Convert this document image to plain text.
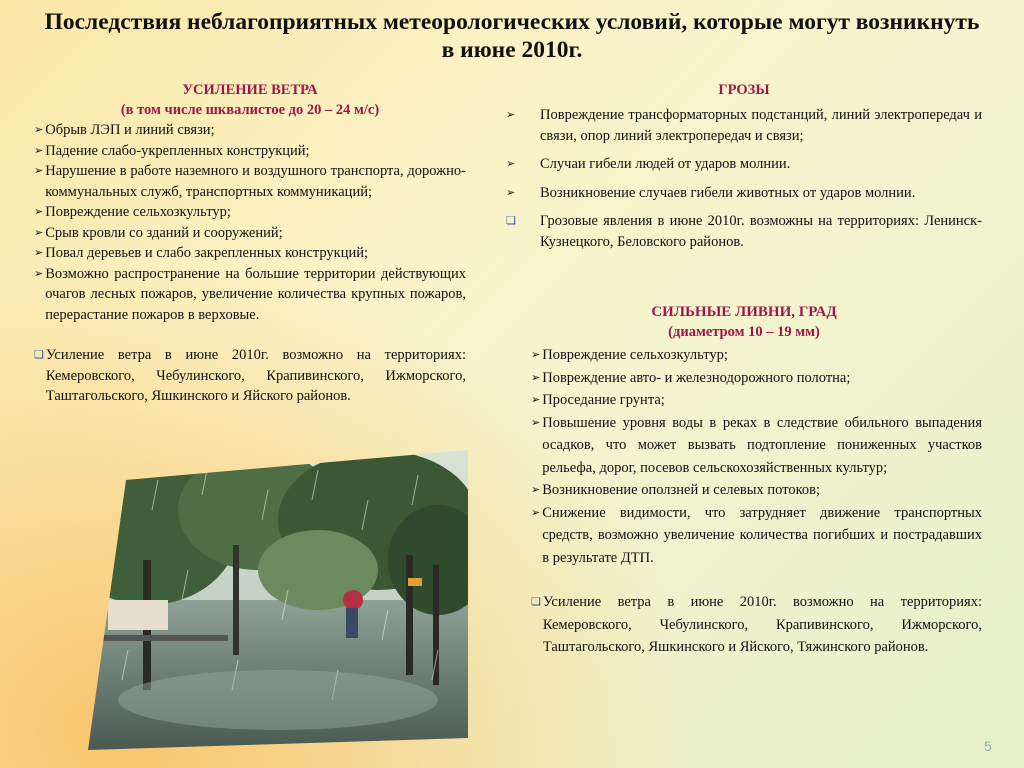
Последствия неблагоприятных метеорологических условий, которые могут возникнуть в июне 2010г.
УСИЛЕНИЕ ВЕТРА
(в том числе шквалистое до 20 – 24 м/с)
➢ Обрыв ЛЭП и линий связи;
➢ Падение слабо-укрепленных конструкций;
➢ Нарушение в работе наземного и воздушного транспорта, дорожно-коммунальных служб, транспортных коммуникаций;
➢ Повреждение сельхозкультур;
➢ Срыв кровли со зданий и сооружений;
➢ Повал деревьев и слабо закрепленных конструкций;
➢ Возможно распространение на большие территории действующих очагов лесных пожаров, увеличение количества крупных пожаров, перерастание пожаров в верховые.
❏ Усиление ветра в июне 2010г. возможно на территориях: Кемеровского, Чебулинского, Крапивинского, Ижморского, Таштагольского, Яшкинского и Яйского районов.
ГРОЗЫ
➢	Повреждение трансформаторных подстанций, линий электропередач и связи, опор линий электропередач и связи;
➢	Случаи гибели людей от ударов молнии.
➢	Возникновение случаев гибели животных от ударов молнии.
❏	Грозовые явления в июне 2010г. возможны на территориях: Ленинск-Кузнецкого, Беловского районов.
СИЛЬНЫЕ ЛИВНИ, ГРАД
(диаметром 10 – 19 мм)
➢ Повреждение сельхозкультур;
➢ Повреждение авто- и железнодорожного полотна;
➢ Проседание грунта;
➢ Повышение уровня воды в реках в следствие обильного выпадения осадков, что может вызвать подтопление пониженных участков рельефа, дорог, посевов сельскохозяйственных культур;
➢ Возникновение оползней и селевых потоков;
➢ Снижение видимости, что затрудняет движение транспортных средств, возможно увеличение количества погибших и пострадавших в результате ДТП.
❏ Усиление ветра в июне 2010г. возможно на территориях: Кемеровского, Чебулинского, Крапивинского, Ижморского, Таштагольского, Яшкинского и Яйского, Тяжинского районов.
5
